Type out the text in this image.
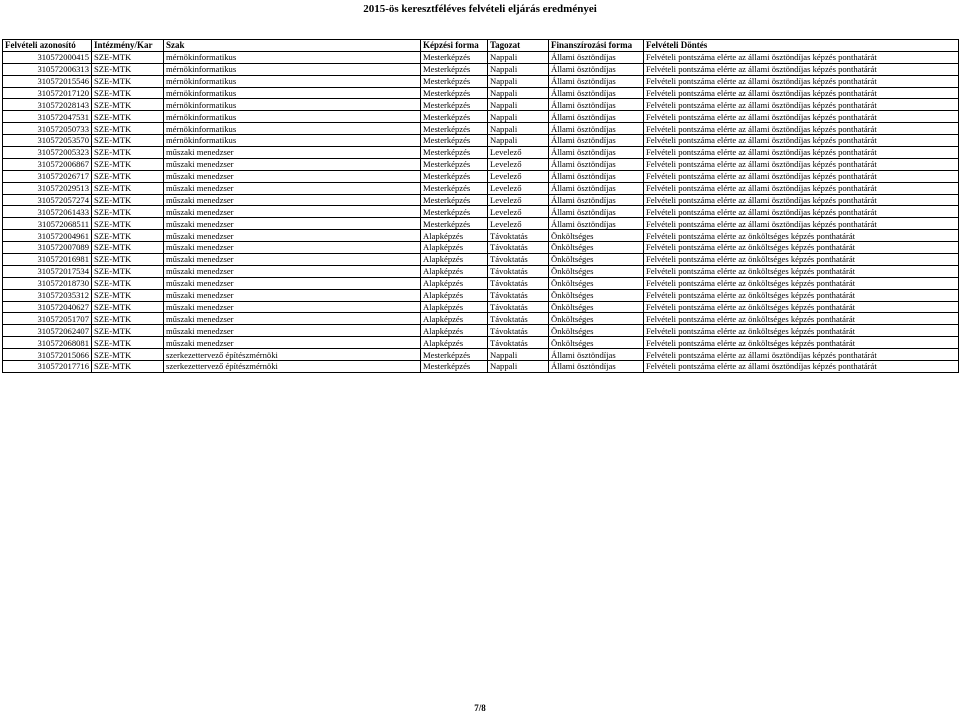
2015-ös keresztféléves felvételi eljárás eredményei
Felvételi azonosító	Intézmény/Kar	Szak	Képzési forma	Tagozat	Finanszírozási forma	Felvételi Döntés
310572000415	SZE-MTK	mérnökinformatikus	Mesterképzés	Nappali	Állami ösztöndíjas	Felvételi pontszáma elérte az állami ösztöndíjas képzés ponthatárát
310572006313	SZE-MTK	mérnökinformatikus	Mesterképzés	Nappali	Állami ösztöndíjas	Felvételi pontszáma elérte az állami ösztöndíjas képzés ponthatárát
310572015546	SZE-MTK	mérnökinformatikus	Mesterképzés	Nappali	Állami ösztöndíjas	Felvételi pontszáma elérte az állami ösztöndíjas képzés ponthatárát
310572017120	SZE-MTK	mérnökinformatikus	Mesterképzés	Nappali	Állami ösztöndíjas	Felvételi pontszáma elérte az állami ösztöndíjas képzés ponthatárát
310572028143	SZE-MTK	mérnökinformatikus	Mesterképzés	Nappali	Állami ösztöndíjas	Felvételi pontszáma elérte az állami ösztöndíjas képzés ponthatárát
310572047531	SZE-MTK	mérnökinformatikus	Mesterképzés	Nappali	Állami ösztöndíjas	Felvételi pontszáma elérte az állami ösztöndíjas képzés ponthatárát
310572050733	SZE-MTK	mérnökinformatikus	Mesterképzés	Nappali	Állami ösztöndíjas	Felvételi pontszáma elérte az állami ösztöndíjas képzés ponthatárát
310572053570	SZE-MTK	mérnökinformatikus	Mesterképzés	Nappali	Állami ösztöndíjas	Felvételi pontszáma elérte az állami ösztöndíjas képzés ponthatárát
310572005323	SZE-MTK	műszaki menedzser	Mesterképzés	Levelező	Állami ösztöndíjas	Felvételi pontszáma elérte az állami ösztöndíjas képzés ponthatárát
310572006867	SZE-MTK	műszaki menedzser	Mesterképzés	Levelező	Állami ösztöndíjas	Felvételi pontszáma elérte az állami ösztöndíjas képzés ponthatárát
310572026717	SZE-MTK	műszaki menedzser	Mesterképzés	Levelező	Állami ösztöndíjas	Felvételi pontszáma elérte az állami ösztöndíjas képzés ponthatárát
310572029513	SZE-MTK	műszaki menedzser	Mesterképzés	Levelező	Állami ösztöndíjas	Felvételi pontszáma elérte az állami ösztöndíjas képzés ponthatárát
310572057274	SZE-MTK	műszaki menedzser	Mesterképzés	Levelező	Állami ösztöndíjas	Felvételi pontszáma elérte az állami ösztöndíjas képzés ponthatárát
310572061433	SZE-MTK	műszaki menedzser	Mesterképzés	Levelező	Állami ösztöndíjas	Felvételi pontszáma elérte az állami ösztöndíjas képzés ponthatárát
310572068511	SZE-MTK	műszaki menedzser	Mesterképzés	Levelező	Állami ösztöndíjas	Felvételi pontszáma elérte az állami ösztöndíjas képzés ponthatárát
310572004961	SZE-MTK	műszaki menedzser	Alapképzés	Távoktatás	Önköltséges	Felvételi pontszáma elérte az önköltséges képzés ponthatárát
310572007089	SZE-MTK	műszaki menedzser	Alapképzés	Távoktatás	Önköltséges	Felvételi pontszáma elérte az önköltséges képzés ponthatárát
310572016981	SZE-MTK	műszaki menedzser	Alapképzés	Távoktatás	Önköltséges	Felvételi pontszáma elérte az önköltséges képzés ponthatárát
310572017534	SZE-MTK	műszaki menedzser	Alapképzés	Távoktatás	Önköltséges	Felvételi pontszáma elérte az önköltséges képzés ponthatárát
310572018730	SZE-MTK	műszaki menedzser	Alapképzés	Távoktatás	Önköltséges	Felvételi pontszáma elérte az önköltséges képzés ponthatárát
310572035312	SZE-MTK	műszaki menedzser	Alapképzés	Távoktatás	Önköltséges	Felvételi pontszáma elérte az önköltséges képzés ponthatárát
310572040627	SZE-MTK	műszaki menedzser	Alapképzés	Távoktatás	Önköltséges	Felvételi pontszáma elérte az önköltséges képzés ponthatárát
310572051707	SZE-MTK	műszaki menedzser	Alapképzés	Távoktatás	Önköltséges	Felvételi pontszáma elérte az önköltséges képzés ponthatárát
310572062407	SZE-MTK	műszaki menedzser	Alapképzés	Távoktatás	Önköltséges	Felvételi pontszáma elérte az önköltséges képzés ponthatárát
310572068081	SZE-MTK	műszaki menedzser	Alapképzés	Távoktatás	Önköltséges	Felvételi pontszáma elérte az önköltséges képzés ponthatárát
310572015066	SZE-MTK	szerkezettervező építészmérnöki	Mesterképzés	Nappali	Állami ösztöndíjas	Felvételi pontszáma elérte az állami ösztöndíjas képzés ponthatárát
310572017716	SZE-MTK	szerkezettervező építészmérnöki	Mesterképzés	Nappali	Állami ösztöndíjas	Felvételi pontszáma elérte az állami ösztöndíjas képzés ponthatárát
7/8
